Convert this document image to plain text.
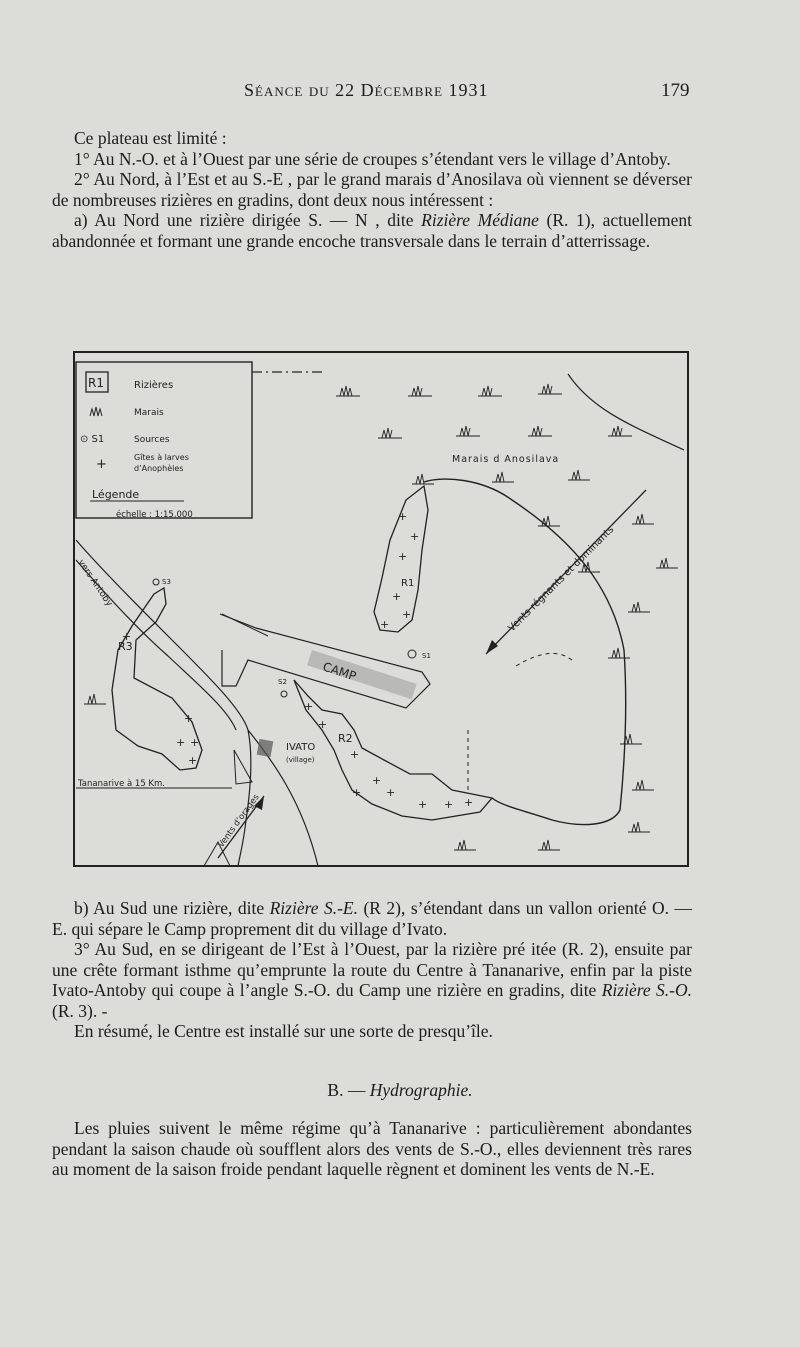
Séance du 22 Décembre 1931	179

Ce plateau est limité :

1° Au N.-O. et à l’Ouest par une série de croupes s’étendant vers le village d’Antoby.

2° Au Nord, à l’Est et au S.-E , par le grand marais d’Anosilava où viennent se déverser de nombreuses rizières en gradins, dont deux nous intéressent :

a) Au Nord une rizière dirigée S. — N , dite Rizière Médiane (R. 1), actuellement abandonnée et formant une grande encoche transversale dans le terrain d’atterrissage.

R1	Rizières
Marais
⊙ S1	Sources
+	Gîtes à larves
d’Anophèles
Légende
échelle : 1:15.000	+
+
+
+
+
+
R1
S1
Vents régnants et dominants
CAMP
vers Antoby
Tananarive à 15 Km.
R3
+
+ +
+
+
S3
R2
+
+
+
+
+
+ + +
+
S2
IVATO
(village)
Vents d’orages
Marais d Anosilava

b) Au Sud une rizière, dite Rizière S.-E. (R 2), s’étendant dans un vallon orienté O. — E. qui sépare le Camp proprement dit du village d’Ivato.

3° Au Sud, en se dirigeant de l’Est à l’Ouest, par la rizière pré itée (R. 2), ensuite par une crête formant isthme qu’emprunte la route du Centre à Tananarive, enfin par la piste Ivato-Antoby qui coupe à l’angle S.-O. du Camp une rizière en gradins, dite Rizière S.-O. (R. 3). -

En résumé, le Centre est installé sur une sorte de presqu’île.

B. — Hydrographie.

Les pluies suivent le même régime qu’à Tananarive : particulièrement abondantes pendant la saison chaude où soufflent alors des vents de S.-O., elles deviennent très rares au moment de la saison froide pendant laquelle règnent et dominent les vents de N.-E.
